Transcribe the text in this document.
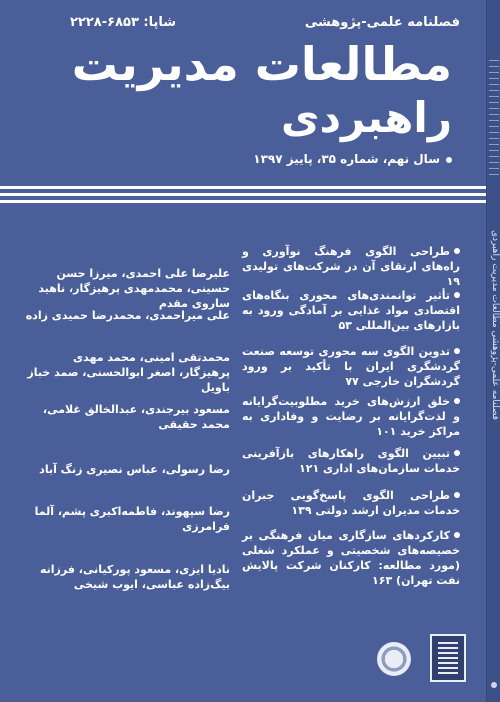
فصلنامه علمی-پژوهشی
شاپا: ۶۸۵۳-۲۲۲۸
مطالعات مدیریت
راهبردی
سال نهم، شماره ۳۵، پاییز ۱۳۹۷
طراحی الگوی فرهنگ نوآوری و راه‌های ارتقای آن در شرکت‌های تولیدی ۱۹
علیرضا علی احمدی، میرزا حسن حسینی، محمدمهدی پرهیزگار، ناهید ساروی مقدم
تأثیر توانمندی‌های محوری بنگاه‌های اقتصادی مواد غذایی بر آمادگی ورود به بازارهای بین‌المللی ۵۳
علی میراحمدی، محمدرضا حمیدی زاده
تدوین الگوی سه محوری توسعه صنعت گردشگری ایران با تأکید بر ورود گردشگران خارجی ۷۷
محمدتقی امینی، محمد مهدی پرهیزگار، اصغر ابوالحسنی، صمد خباز باویل
خلق ارزش‌های خرید مطلوبیت‌گرایانه و لذت‌گرایانه بر رضایت و وفاداری به مراکز خرید ۱۰۱
مسعود بیرجندی، عبدالخالق غلامی، محمد حقیقی
تبیین الگوی راهکارهای بازآفرینی خدمات سازمان‌های اداری ۱۲۱
رضا رسولی، عباس نصیری زنگ آباد
طراحی الگوی پاسخ‌گویی جبران خدمات مدیران ارشد دولتی ۱۳۹
رضا سپهوند، فاطمه‌اکبری پشم، آلما فرامرزی
کارکردهای سازگاری میان فرهنگی بر خصیصه‌های شخصیتی و عملکرد شغلی (مورد مطالعه: کارکنان شرکت پالایش نفت تهران) ۱۶۳
نادیا ایزی، مسعود پورکیانی، فرزانه بیگ‌زاده عباسی، ایوب شیخی
فصلنامه علمی-پژوهشی مطالعات مدیریت راهبردی
